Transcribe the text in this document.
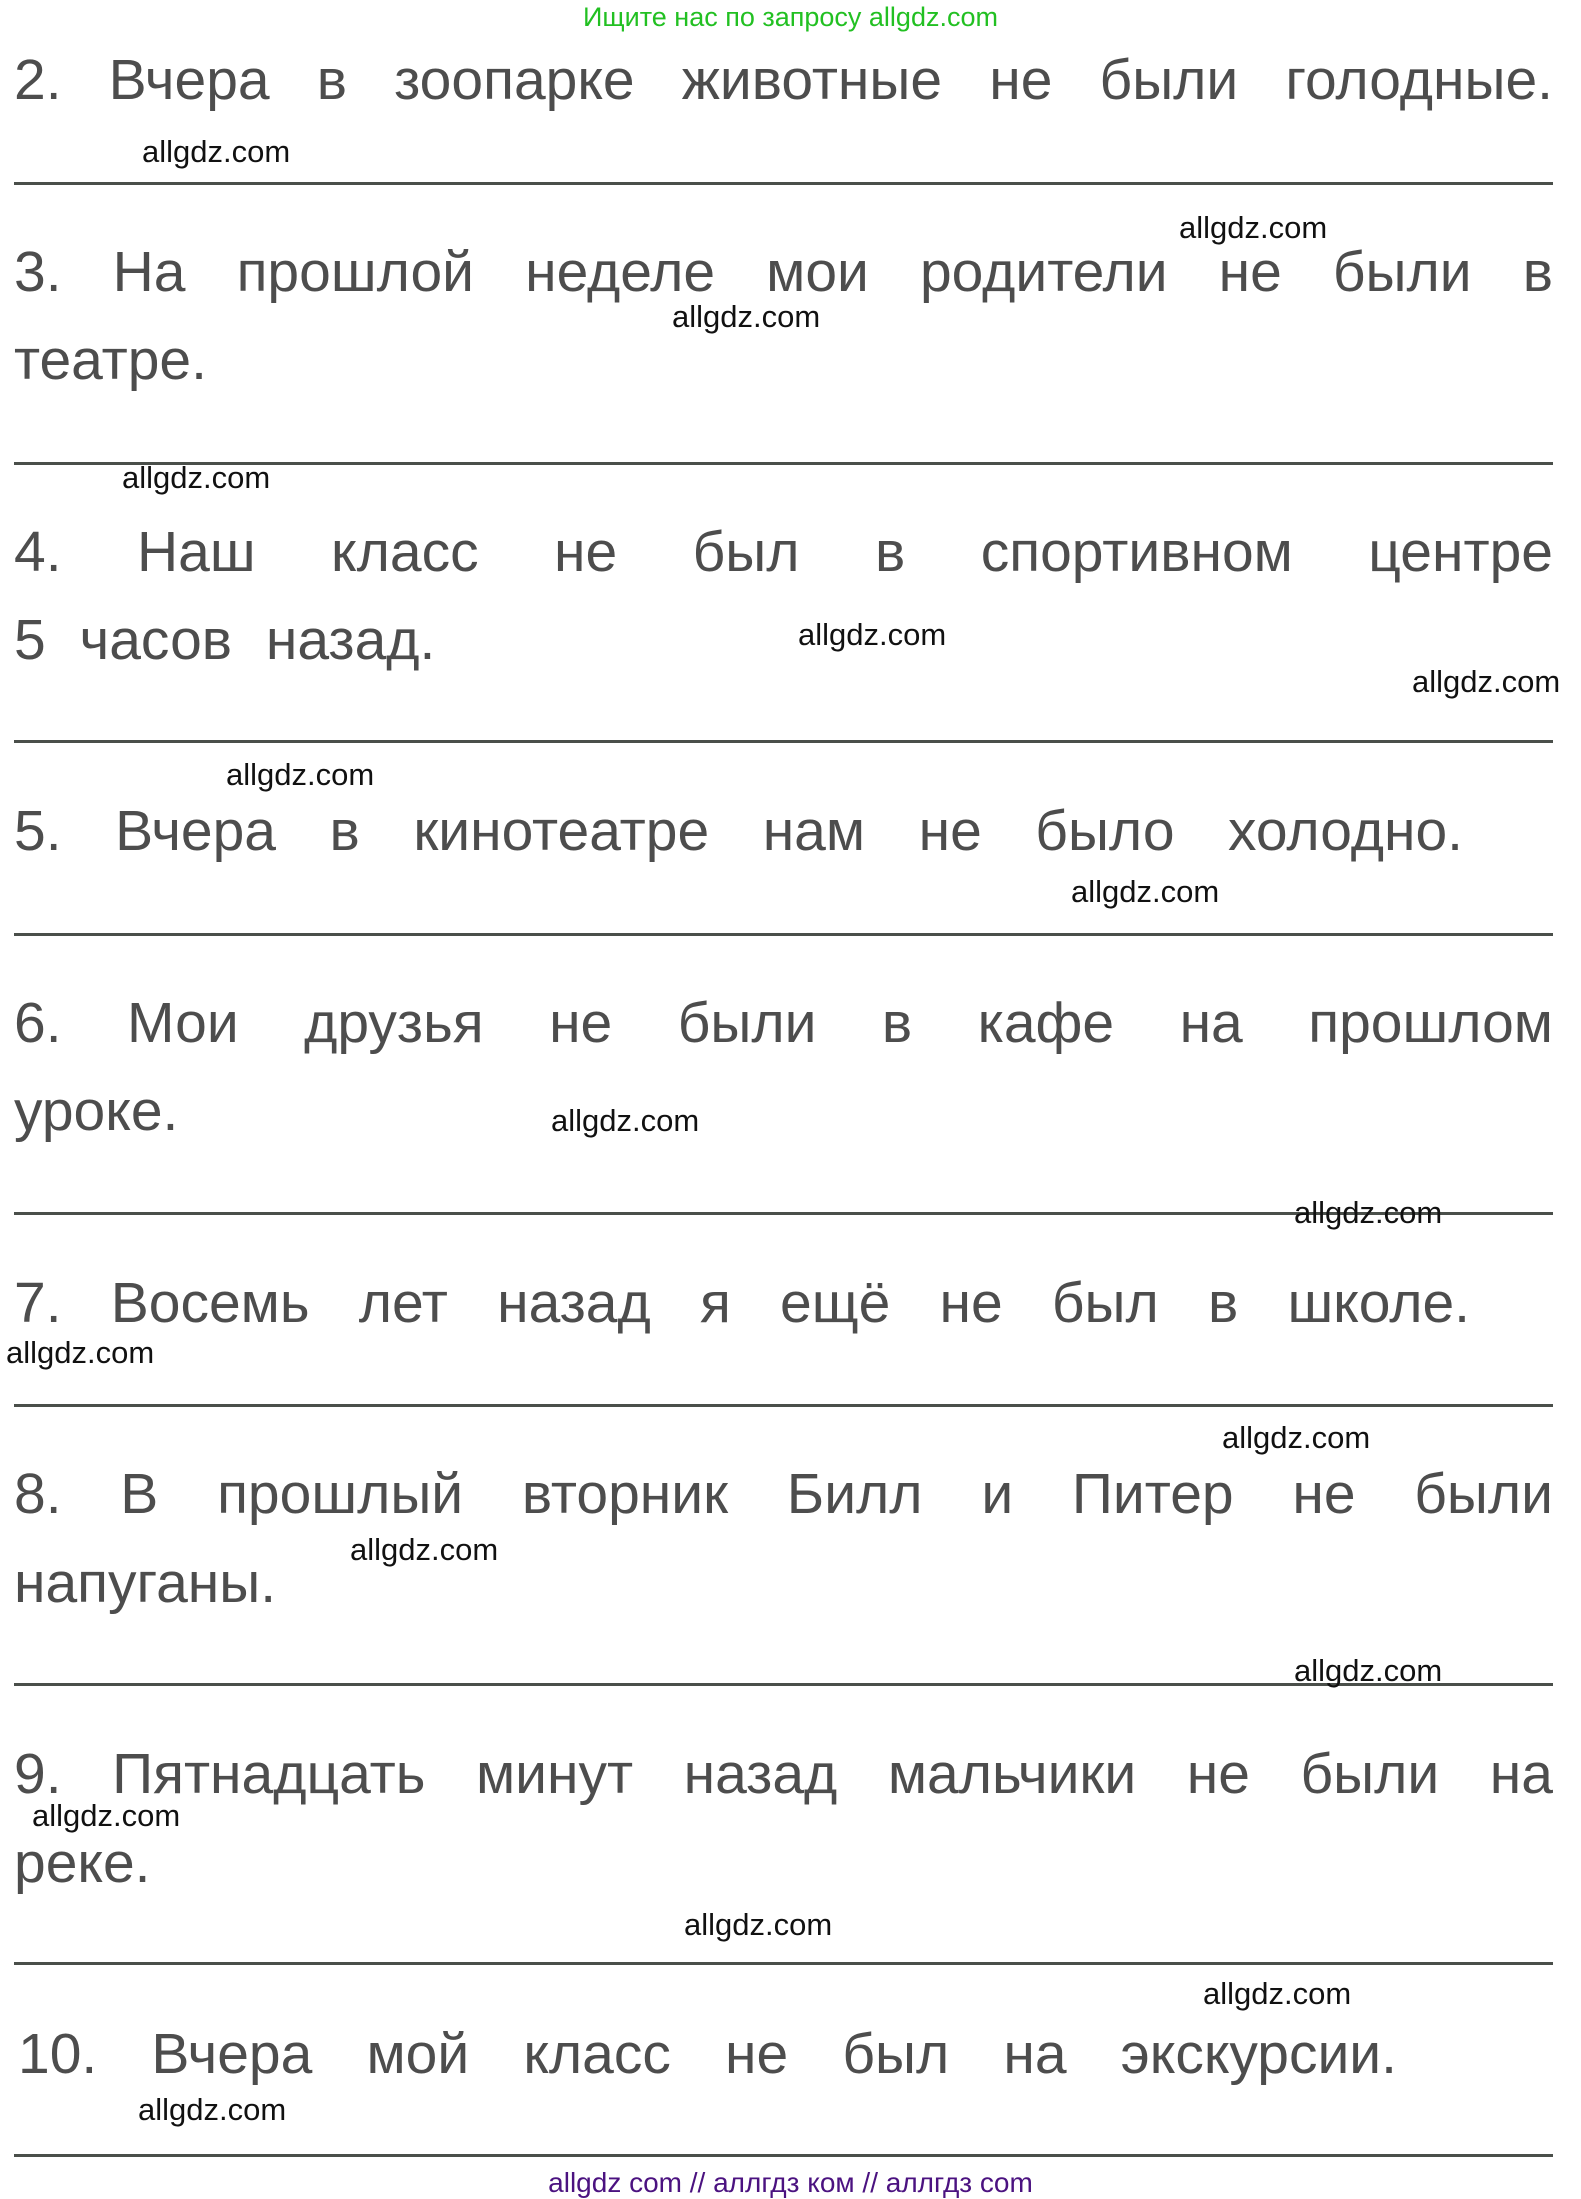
Ищите нас по запросу allgdz.com
2. Вчера в зоопарке животные не были голодные.
allgdz.com
allgdz.com
3. На прошлой неделе мои родители не были в
allgdz.com
театре.
allgdz.com
4. Наш класс не был в спортивном центре
5 часов назад.	allgdz.com
allgdz.com
allgdz.com
5. Вчера в кинотеатре нам не было холодно.
allgdz.com
6. Мои друзья не были в кафе на прошлом
уроке.	allgdz.com
allgdz.com
7. Восемь лет назад я ещё не был в школе.
allgdz.com
allgdz.com
8. В прошлый вторник Билл и Питер не были
allgdz.com
напуганы.
allgdz.com
9. Пятнадцать минут назад мальчики не были на
allgdz.com
реке.
allgdz.com
allgdz.com
10. Вчера мой класс не был на экскурсии.
allgdz.com
allgdz com // аллгдз ком // аллгдз com
